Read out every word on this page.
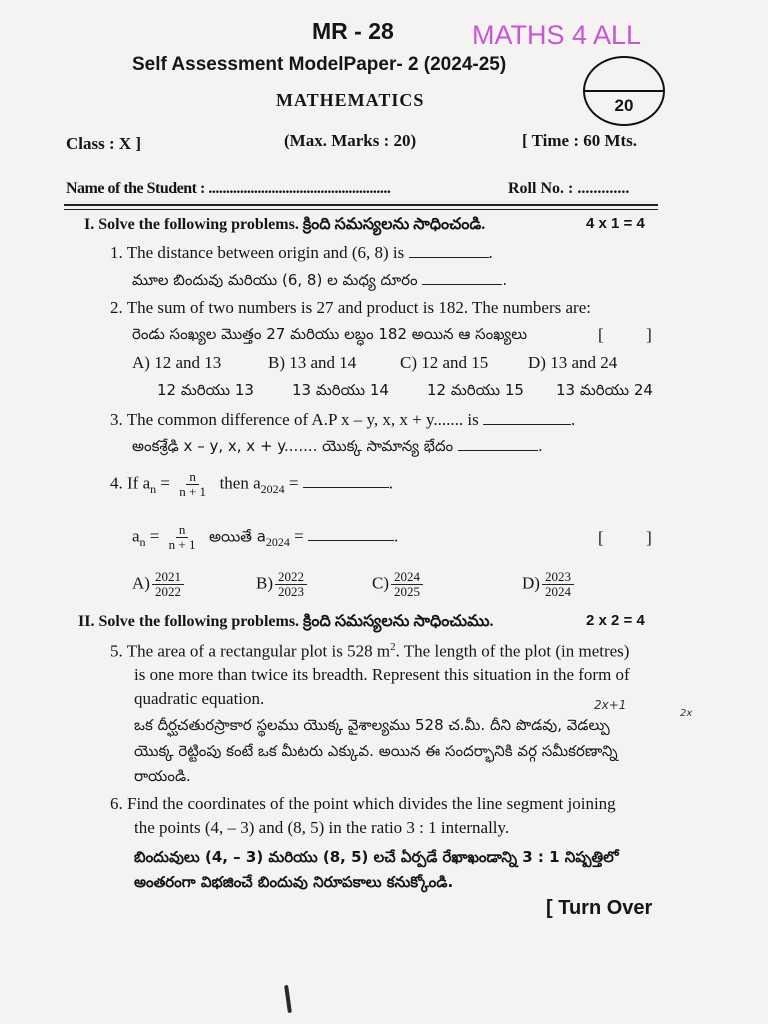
MR - 28	MATHS 4 ALL
Self Assessment ModelPaper- 2 (2024-25)
MATHEMATICS	20
Class : X ]	(Max. Marks : 20)	[ Time : 60 Mts.
Name of the Student : ....................................................	Roll No. : .............
I. Solve the following problems. క్రింది సమస్యలను సాధించండి.	4 x 1 = 4
1. The distance between origin and (6, 8) is	.
మూల బిందువు మరియు (6, 8) ల మధ్య దూరం	.
2. The sum of two numbers is 27 and product is 182. The numbers are:
రెండు సంఖ్యల మొత్తం 27 మరియు లబ్ధం 182 అయిన ఆ సంఖ్యలు	[          ]
A) 12 and 13	B) 13 and 14	C) 12 and 15 D) 13 and 24
12 మరియు 13	13 మరియు 14	12 మరియు 15 13 మరియు 24
3. The common difference of A.P x – y, x, x + y....... is	.
అంకశ్రేఢి x – y, x, x + y....... యొక్క సామాన్య భేదం	.
4. If $a_n = \frac{n}{n + 1}$ then $a_{2024}$ =	.
$a_n = \frac{n}{n + 1}$ అయితే $a_{2024}$ =	.	[          ]
$A) \frac{2021}{2022}$	$B) \frac{2022}{2023}$	$C) \frac{2024}{2025}$	$D) \frac{2023}{2024}$
II. Solve the following problems. క్రింది సమస్యలను సాధించుము.	2 x 2 = 4
5. The area of a rectangular plot is 528 $m^2$. The length of the plot (in metres)
is one more than twice its breadth. Represent this situation in the form of
quadratic equation.
ఒక దీర్ఘచతురస్రాకార స్థలము యొక్క వైశాల్యము 528 చ.మీ. దీని పొడవు, వెడల్పు
యొక్క రెట్టింపు కంటే ఒక మీటరు ఎక్కువ. అయిన ఈ సందర్భానికి వర్గ సమీకరణాన్ని
రాయండి.
2x+1
2x
6. Find the coordinates of the point which divides the line segment joining
the points (4, – 3) and (8, 5) in the ratio 3 : 1 internally.
బిందువులు (4, – 3) మరియు (8, 5) లచే ఏర్పడే రేఖాఖండాన్ని 3 : 1 నిష్పత్తిలో
అంతరంగా విభజించే బిందువు నిరూపకాలు కనుక్కోండి.
[ Turn Over
